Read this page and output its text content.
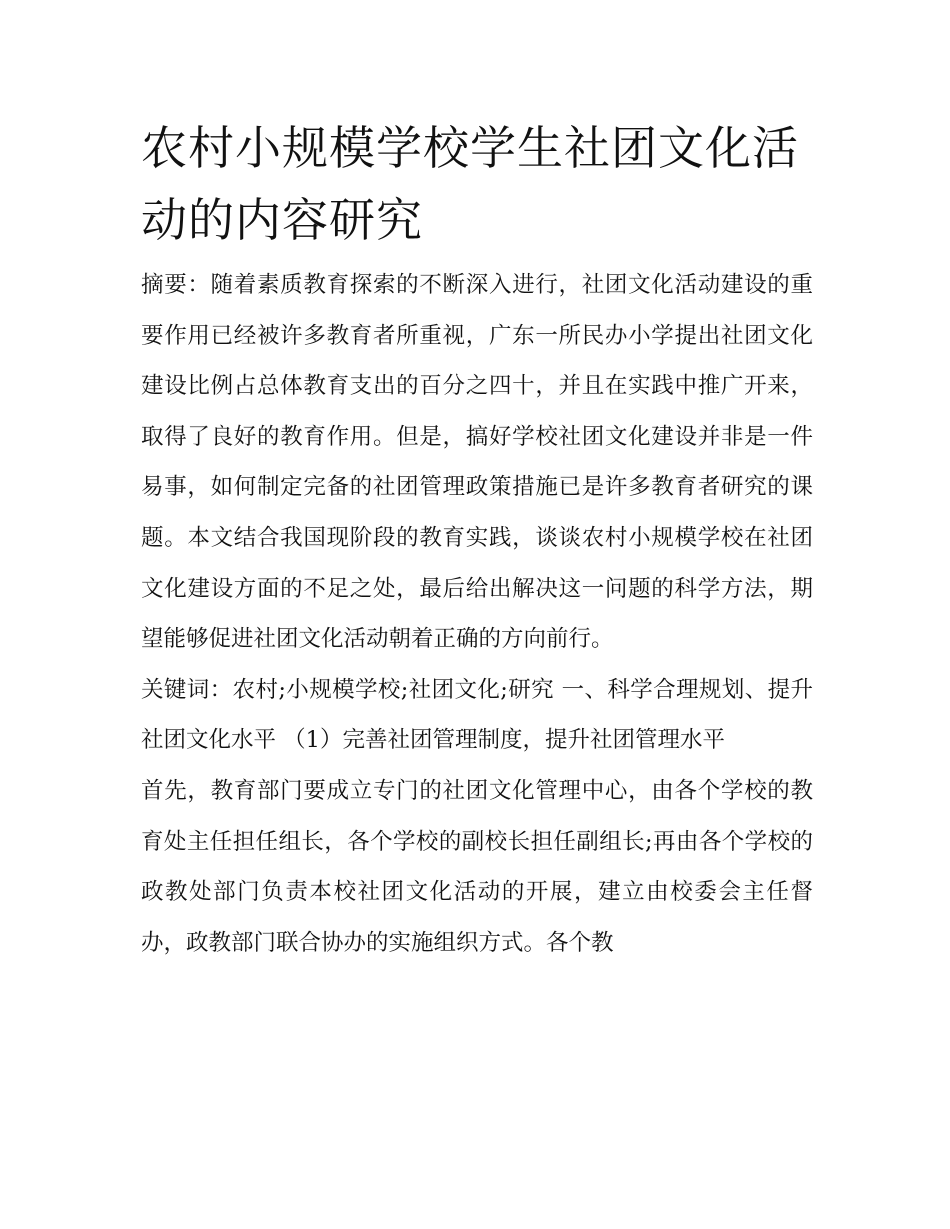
农村小规模学校学生社团文化活动的内容研究

摘要：随着素质教育探索的不断深入进行，社团文化活动建设的重要作用已经被许多教育者所重视，广东一所民办小学提出社团文化建设比例占总体教育支出的百分之四十，并且在实践中推广开来，取得了良好的教育作用。但是，搞好学校社团文化建设并非是一件易事，如何制定完备的社团管理政策措施已是许多教育者研究的课题。本文结合我国现阶段的教育实践，谈谈农村小规模学校在社团文化建设方面的不足之处，最后给出解决这一问题的科学方法，期望能够促进社团文化活动朝着正确的方向前行。

关键词：农村;小规模学校;社团文化;研究 一、科学合理规划、提升社团文化水平 （1）完善社团管理制度，提升社团管理水平

首先，教育部门要成立专门的社团文化管理中心，由各个学校的教育处主任担任组长，各个学校的副校长担任副组长;再由各个学校的政教处部门负责本校社团文化活动的开展，建立由校委会主任督办，政教部门联合协办的实施组织方式。各个教
